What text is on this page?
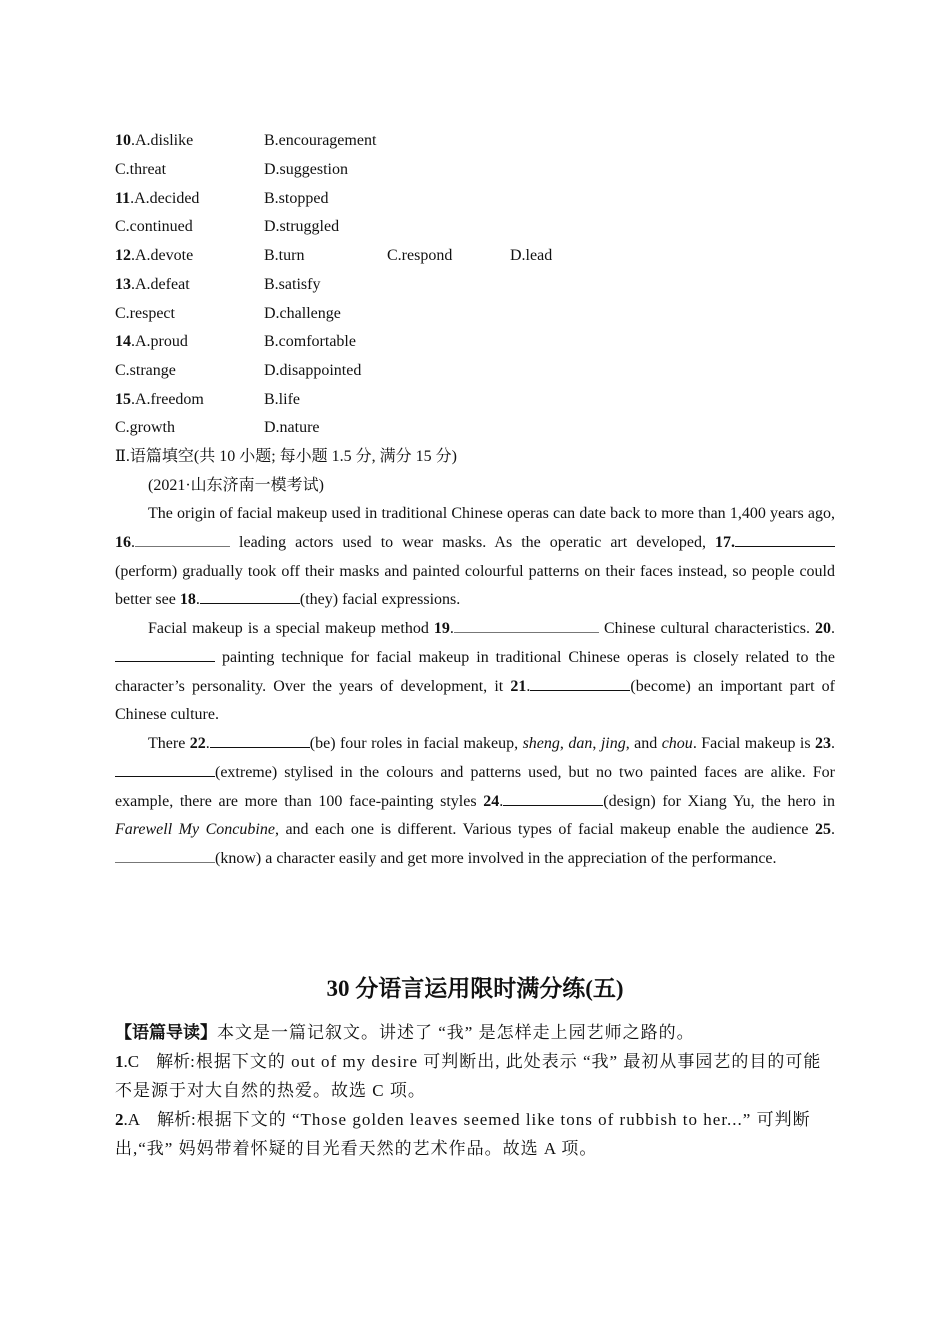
10.A.dislike	B.encouragement
C.threat	D.suggestion
11.A.decided	B.stopped
C.continued	D.struggled
12.A.devote	B.turn	C.respond	D.lead
13.A.defeat	B.satisfy
C.respect	D.challenge
14.A.proud	B.comfortable
C.strange	D.disappointed
15.A.freedom	B.life
C.growth	D.nature
Ⅱ.语篇填空(共 10 小题; 每小题 1.5 分, 满分 15 分)
(2021·山东济南一模考试)
The origin of facial makeup used in traditional Chinese operas can date back to more than 1,400 years ago, 16.	leading actors used to wear masks. As the operatic art developed, 17.(perform) gradually took off their masks and painted colourful patterns on their faces instead, so people could better see 18.	(they) facial expressions.
Facial makeup is a special makeup method 19.	Chinese cultural characteristics. 20. painting technique for facial makeup in traditional Chinese operas is closely related to the character’s personality. Over the years of development, it 21.	(become) an important part of Chinese culture.
There 22.	(be) four roles in facial makeup, sheng, dan, jing, and chou. Facial makeup is 23.(extreme) stylised in the colours and patterns used, but no two painted faces are alike. For example, there are more than 100 face-painting styles 24.	(design) for Xiang Yu, the hero in Farewell My Concubine, and each one is different. Various types of facial makeup enable the audience 25.(know) a character easily and get more involved in the appreciation of the performance.
30 分语言运用限时满分练(五)
【语篇导读】本文是一篇记叙文。讲述了 “我” 是怎样走上园艺师之路的。
1.C 解析:根据下文的 out of my desire 可判断出, 此处表示 “我” 最初从事园艺的目的可能不是源于对大自然的热爱。故选 C 项。
2.A 解析:根据下文的 “Those golden leaves seemed like tons of rubbish to her...” 可判断出,“我” 妈妈带着怀疑的目光看天然的艺术作品。故选 A 项。
